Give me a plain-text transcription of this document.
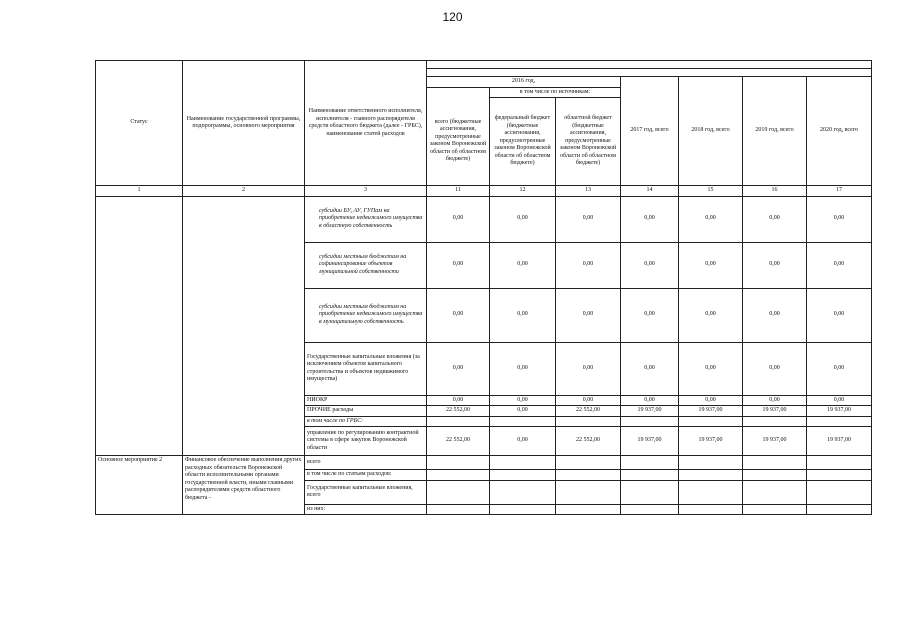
120
Статус	Наименование государственной программы, подпрограммы, основного мероприятия	Наименование ответственного исполнителя, исполнителя - главного распорядителя средств областного бюджета (далее - ГРБС), наименование статей расходов							

			2016 год,			2017 год, всего	2018 год, всего	2019 год, всего	2020 год, всего
				в том числе по источникам:					
			всего (бюджетные ассигнования, предусмотренные законом Воронежской области об областном бюджете)	федеральный бюджет (бюджетные ассигнования, предусмотренные законом Воронежской области об областном бюджете)	областной бюджет (бюджетные ассигнования, предусмотренные законом Воронежской области об областном бюджете)				
1	2	3	11	12	13	14	15	16	17
		субсидии БУ, АУ, ГУПам на приобретение недвижимого имущества в областную собственность	0,00	0,00	0,00	0,00	0,00	0,00	0,00
		субсидии местным бюджетам на софинансирование объектов муниципальной собственности	0,00	0,00	0,00	0,00	0,00	0,00	0,00
		субсидии местным бюджетам на приобретение недвижимого имущества в муниципальную собственность	0,00	0,00	0,00	0,00	0,00	0,00	0,00
		Государственные капитальные вложения (за исключением объектов капитального строительства и объектов недвижимого имущества)	0,00	0,00	0,00	0,00	0,00	0,00	0,00
		НИОКР	0,00	0,00	0,00	0,00	0,00	0,00	0,00
		ПРОЧИЕ расходы	22 552,00	0,00	22 552,00	19 937,00	19 937,00	19 937,00	19 937,00
		в том числе по ГРБС:							
		управление по регулированию контрактной системы в сфере закупок Воронежской области	22 552,00	0,00	22 552,00	19 937,00	19 937,00	19 937,00	19 937,00
Основное мероприятие 2	Финансовое обеспечение выполнения других расходных обязательств Воронежской области исполнительными органами государственной власти, иными главными распорядителями средств областного бюджета -	всего							
		в том числе по статьям расходов:							
		Государственные капитальные вложения, всего							
		из них:							
